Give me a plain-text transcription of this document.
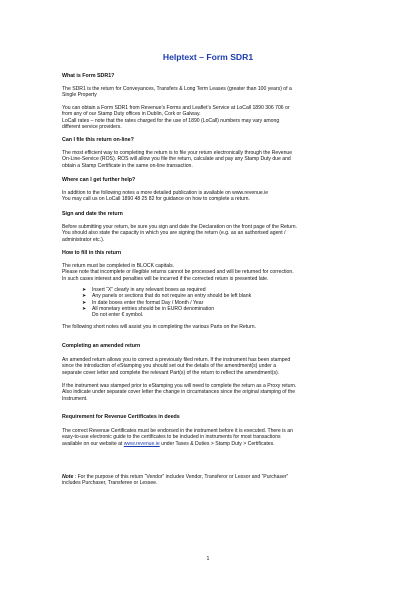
Helptext – Form SDR1
What is Form SDR1?
The SDR1 is the return for Conveyances, Transfers & Long Term Leases (greater than 100 years) of a
Single Property
You can obtain a Form SDR1 from Revenue’s Forms and Leaflet’s Service at LoCall 1890 306 706 or
from any of our Stamp Duty offices in Dublin, Cork or Galway.
LoCall rates – note that the rates charged for the use of 1890 (LoCall) numbers may vary among
different service providers.
Can I file this return on-line?
The most efficient way to completing the return is to file your return electronically through the Revenue
On-Line-Service (ROS). ROS will allow you file the return, calculate and pay any Stamp Duty due and
obtain a Stamp Certificate in the same on-line transaction.
Where can I get further help?
In addition to the following notes a more detailed publication is available on www.revenue.ie
You may call us on LoCall 1890 48 25 82 for guidance on how to complete a return.
Sign and date the return
Before submitting your return, be sure you sign and date the Declaration on the front page of the Return.
You should also state the capacity in which you are signing the return (e.g. as an authorised agent /
administrator etc.).
How to fill in this return
The return must be completed in BLOCK capitals.
Please note that incomplete or illegible returns cannot be processed and will be returned for correction.
In such cases interest and penalties will be incurred if the corrected return is presented late.
➤ Insert “X” clearly in any relevant boxes as required
➤ Any panels or sections that do not require an entry should be left blank
➤ In date boxes enter the format Day / Month / Year
➤ All monetary entries should be in EURO denomination
Do not enter € symbol.
The following short notes will assist you in completing the various Parts on the Return.
Completing an amended return
An amended return allows you to correct a previously filed return. If the instrument has been stamped
since the introduction of eStamping you should set out the details of the amendment(s) under a
separate cover letter and complete the relevant Part(s) of the return to reflect the amendment(s).
If the instrument was stamped prior to eStamping you will need to complete the return as a Proxy return.
Also indicate under separate cover letter the change in circumstances since the original stamping of the
Instrument.
Requirement for Revenue Certificates in deeds
The correct Revenue Certificates must be endorsed in the instrument before it is executed. There is an
easy-to-use electronic guide to the certificates to be included in instruments for most transactions
available on our website at www.revenue.ie under Taxes & Duties > Stamp Duty > Certificates.
Note : For the purpose of this return “Vendor” includes Vendor, Transferor or Lessor and “Purchaser”
includes Purchaser, Transferee or Lessee.
1
